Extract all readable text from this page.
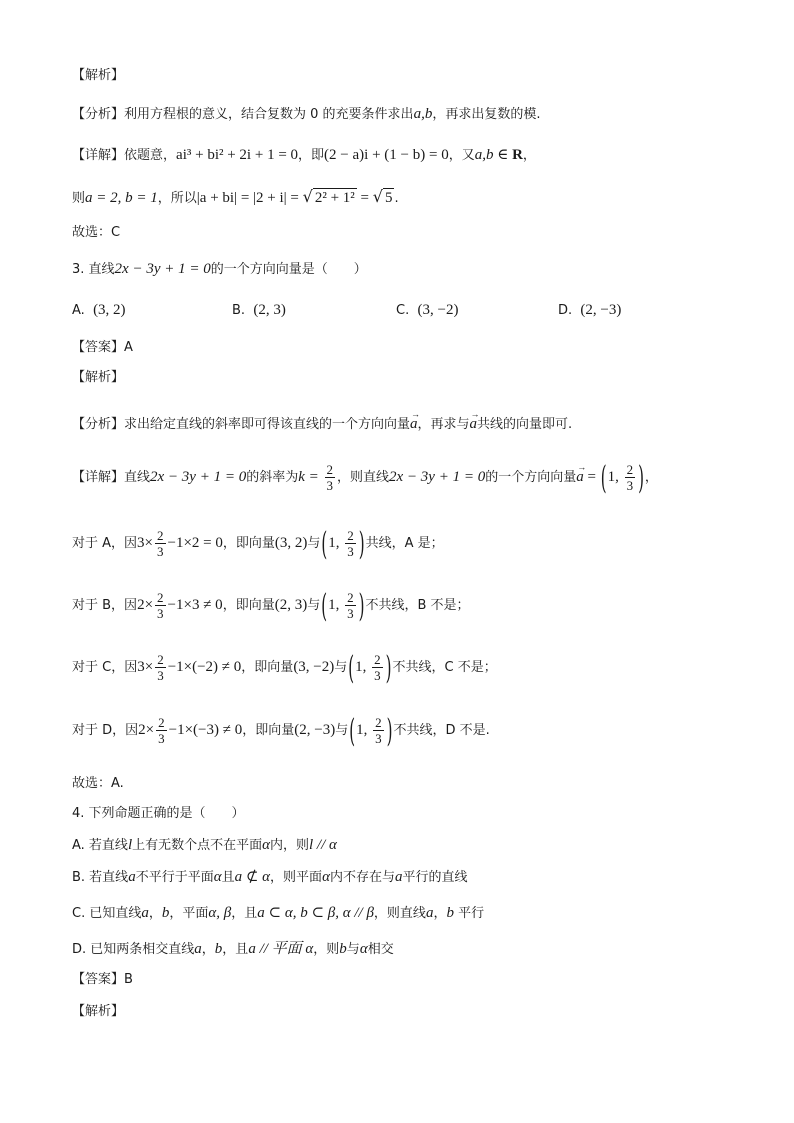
【解析】
【分析】利用方程根的意义，结合复数为 0 的充要条件求出a,b，再求出复数的模.
【详解】依题意，ai³ + bi² + 2i + 1 = 0，即(2 − a)i + (1 − b) = 0，又a,b ∈ R，
则a = 2, b = 1，所以|a + bi| = |2 + i| = √ 2² + 1² = √ 5 .
故选：C
3. 直线2x − 3y + 1 = 0的一个方向向量是（　　）
A. (3, 2)	B. (2, 3)	C. (3, −2)	D. (2, −3)
【答案】A
【解析】
【分析】求出给定直线的斜率即可得该直线的一个方向向量
→
a，再求与
→
a共线的向量即可.
【详解】直线2x − 3y + 1 = 0的斜率为$k = \frac{2}{3}$ ，则直线2x − 3y + 1 = 0的一个方向向量
→
a = (1, $\frac{2}{3}$ )，
对于 A，因$3\times \frac{2}{3} -1\times 2 = 0$，即向量(3, 2)与(1, $\frac{2}{3}$ )共线，A 是；
对于 B，因$2\times \frac{2}{3} -1\times 3 \ne 0$，即向量(2, 3)与(1, $\frac{2}{3}$ )不共线，B 不是；
对于 C，因$3\times \frac{2}{3} -1\times(-2) \ne 0$，即向量(3, −2)与(1, $\frac{2}{3}$ )不共线，C 不是；
对于 D，因$2\times \frac{2}{3} -1\times(-3) \ne 0$，即向量(2, −3)与(1, $\frac{2}{3}$ )不共线，D 不是.
故选：A.
4. 下列命题正确的是（　　）
A. 若直线l上有无数个点不在平面α内，则l // α
B. 若直线a不平行于平面α且a ⊄ α，则平面α内不存在与a平行的直线
C. 已知直线a，b，平面α, β，且a ⊂ α, b ⊂ β, α // β，则直线a，b 平行
D. 已知两条相交直线a，b，且a // 平面 α，则b与α相交
【答案】B
【解析】
